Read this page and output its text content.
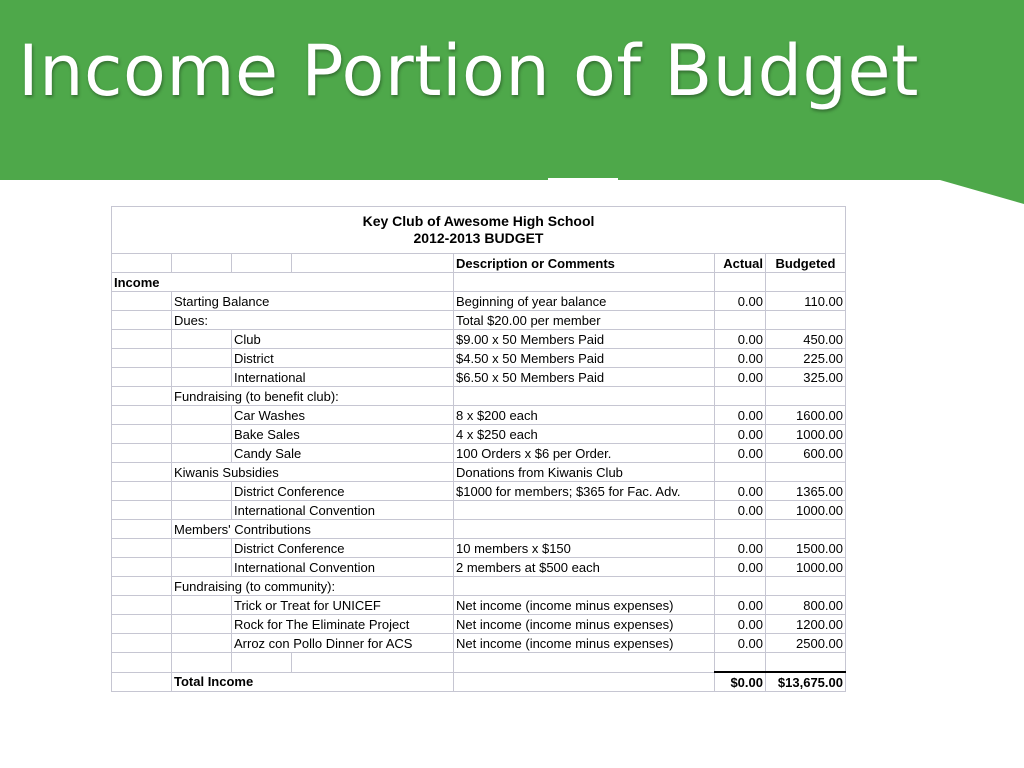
Income Portion of Budget
Key Club of Awesome High School
2012-2013 BUDGET						

				Description or Comments	Actual	Budgeted
Income						
	Starting Balance			Beginning of year balance	0.00	110.00
	Dues:			Total $20.00 per member		
		Club		$9.00 x 50 Members Paid	0.00	450.00
		District		$4.50 x 50 Members Paid	0.00	225.00
		International		$6.50 x 50 Members Paid	0.00	325.00
	Fundraising (to benefit club):					
		Car Washes		8 x $200 each	0.00	1600.00
		Bake Sales		4 x $250 each	0.00	1000.00
		Candy Sale		100 Orders x $6 per Order.	0.00	600.00
	Kiwanis Subsidies			Donations from Kiwanis Club		
		District Conference		$1000 for members; $365 for Fac. Adv.	0.00	1365.00
		International Convention			0.00	1000.00
	Members' Contributions					
		District Conference		10 members x $150	0.00	1500.00
		International Convention		2 members at $500 each	0.00	1000.00
	Fundraising (to community):					
		Trick or Treat for UNICEF		Net income (income minus expenses)	0.00	800.00
		Rock for The Eliminate Project		Net income (income minus expenses)	0.00	1200.00
		Arroz con Pollo Dinner for ACS		Net income (income minus expenses)	0.00	2500.00

	Total Income				$0.00	$13,675.00
